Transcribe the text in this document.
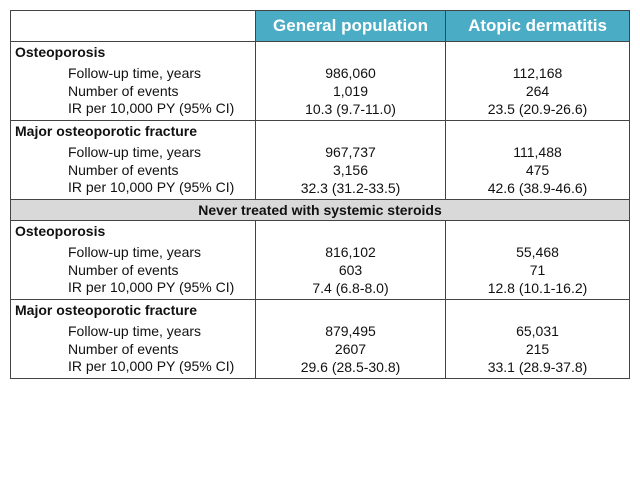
	General population	Atopic dermatitis
Osteoporosis		
Follow-up time, years	986,060	112,168
Number of events	1,019	264
IR per 10,000 PY (95% CI)	10.3 (9.7-11.0)	23.5 (20.9-26.6)
Major osteoporotic fracture		
Follow-up time, years	967,737	111,488
Number of events	3,156	475
IR per 10,000 PY (95% CI)	32.3 (31.2-33.5)	42.6 (38.9-46.6)
Never treated with systemic steroids		
Osteoporosis		
Follow-up time, years	816,102	55,468
Number of events	603	71
IR per 10,000 PY (95% CI)	7.4 (6.8-8.0)	12.8 (10.1-16.2)
Major osteoporotic fracture		
Follow-up time, years	879,495	65,031
Number of events	2607	215
IR per 10,000 PY (95% CI)	29.6 (28.5-30.8)	33.1 (28.9-37.8)
